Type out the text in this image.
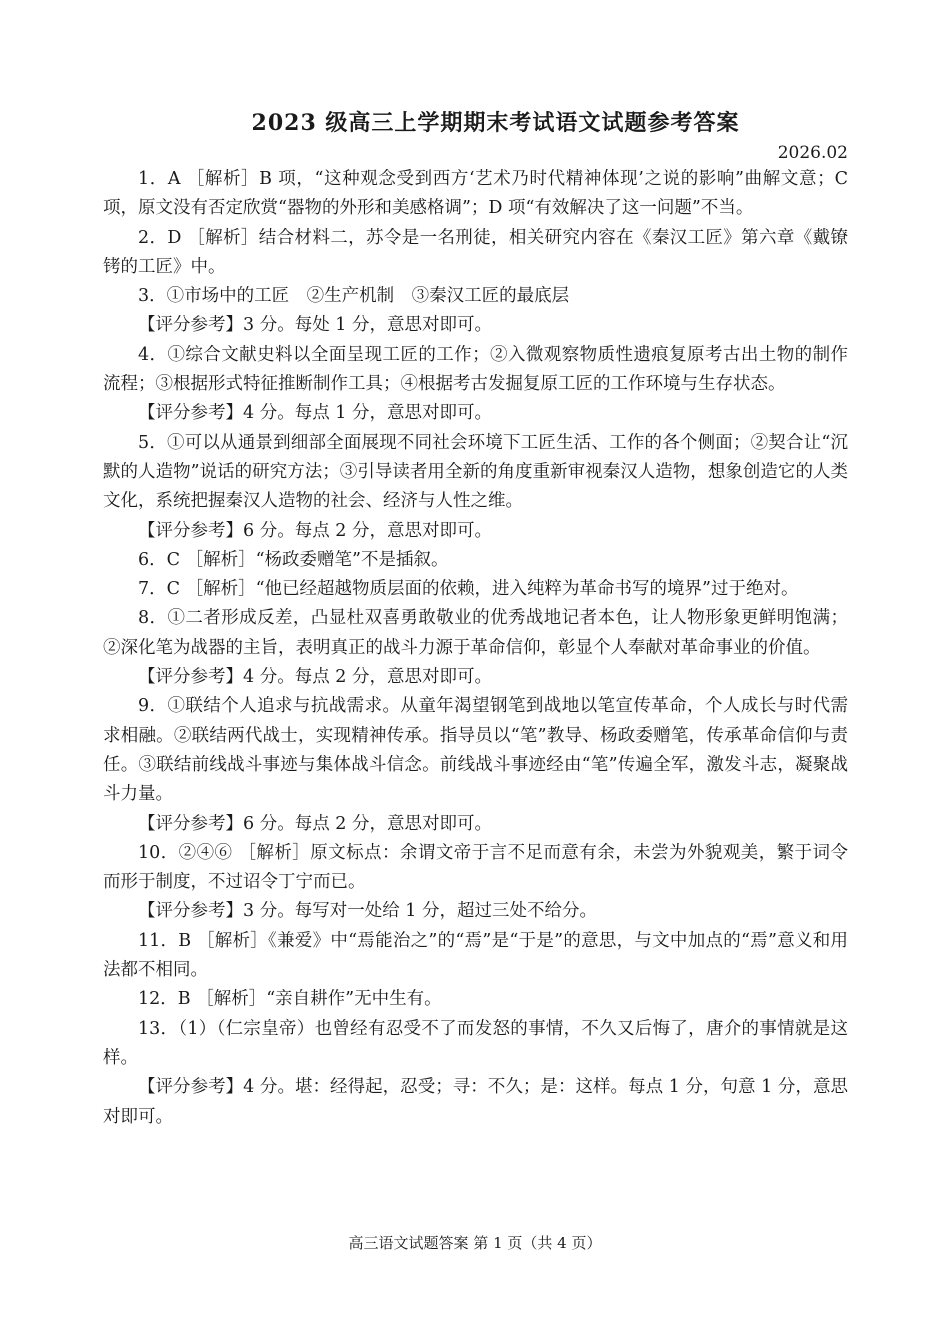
2023 级高三上学期期末考试语文试题参考答案
2026.02

1．A ［解析］B 项，“这种观念受到西方‘艺术乃时代精神体现’之说的影响”曲解文意；C 项，原文没有否定欣赏“器物的外形和美感格调”；D 项“有效解决了这一问题”不当。

2．D ［解析］结合材料二，苏令是一名刑徒，相关研究内容在《秦汉工匠》第六章《戴镣铐的工匠》中。

3．①市场中的工匠　②生产机制　③秦汉工匠的最底层

【评分参考】3 分。每处 1 分，意思对即可。

4．①综合文献史料以全面呈现工匠的工作；②入微观察物质性遗痕复原考古出土物的制作流程；③根据形式特征推断制作工具；④根据考古发掘复原工匠的工作环境与生存状态。

【评分参考】4 分。每点 1 分，意思对即可。

5．①可以从通景到细部全面展现不同社会环境下工匠生活、工作的各个侧面；②契合让“沉默的人造物”说话的研究方法；③引导读者用全新的角度重新审视秦汉人造物，想象创造它的人类文化，系统把握秦汉人造物的社会、经济与人性之维。

【评分参考】6 分。每点 2 分，意思对即可。

6．C ［解析］“杨政委赠笔”不是插叙。

7．C ［解析］“他已经超越物质层面的依赖，进入纯粹为革命书写的境界”过于绝对。

8．①二者形成反差，凸显杜双喜勇敢敬业的优秀战地记者本色，让人物形象更鲜明饱满；②深化笔为战器的主旨，表明真正的战斗力源于革命信仰，彰显个人奉献对革命事业的价值。

【评分参考】4 分。每点 2 分，意思对即可。

9．①联结个人追求与抗战需求。从童年渴望钢笔到战地以笔宣传革命，个人成长与时代需求相融。②联结两代战士，实现精神传承。指导员以“笔”教导、杨政委赠笔，传承革命信仰与责任。③联结前线战斗事迹与集体战斗信念。前线战斗事迹经由“笔”传遍全军，激发斗志，凝聚战斗力量。

【评分参考】6 分。每点 2 分，意思对即可。

10．②④⑥ ［解析］原文标点：余谓文帝于言不足而意有余，未尝为外貌观美，繁于词令而形于制度，不过诏令丁宁而已。

【评分参考】3 分。每写对一处给 1 分，超过三处不给分。

11．B ［解析］《兼爱》中“焉能治之”的“焉”是“于是”的意思，与文中加点的“焉”意义和用法都不相同。

12．B ［解析］“亲自耕作”无中生有。

13．（1）（仁宗皇帝）也曾经有忍受不了而发怒的事情，不久又后悔了，唐介的事情就是这样。

【评分参考】4 分。堪：经得起，忍受；寻：不久；是：这样。每点 1 分，句意 1 分，意思对即可。

高三语文试题答案 第 1 页（共 4 页）
